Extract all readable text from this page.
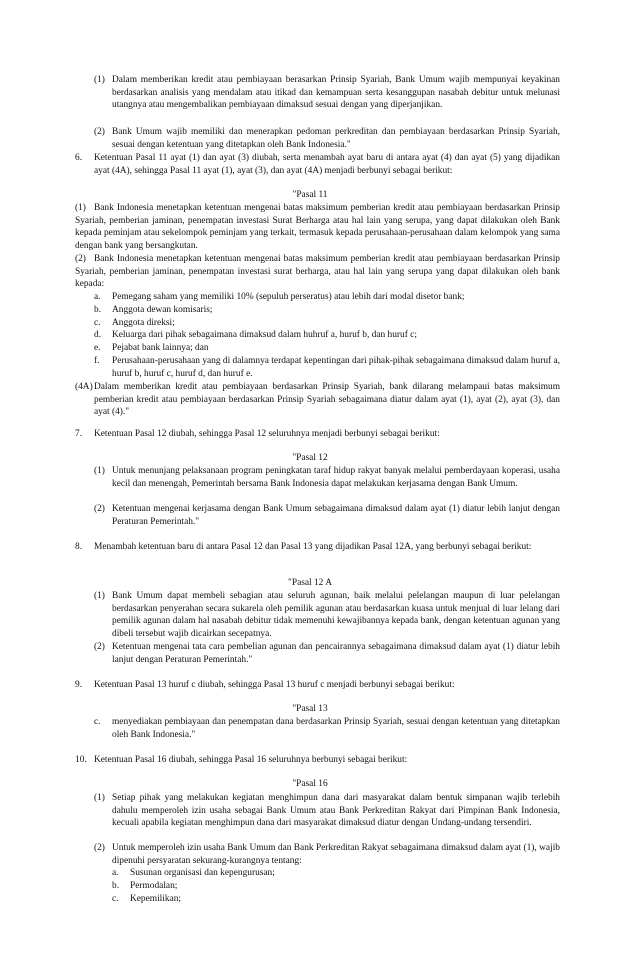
(1) Dalam memberikan kredit atau pembiayaan berasarkan Prinsip Syariah, Bank Umum wajib mempunyai keyakinan berdasarkan analisis yang mendalam atau itikad dan kemampuan serta kesanggupan nasabah debitur untuk melunasi utangnya atau mengembalikan pembiayaan dimaksud sesuai dengan yang diperjanjikan.
(2) Bank Umum wajib memiliki dan menerapkan pedoman perkreditan dan pembiayaan berdasarkan Prinsip Syariah, sesuai dengan ketentuan yang ditetapkan oleh Bank Indonesia."
6. Ketentuan Pasal 11 ayat (1) dan ayat (3) diubah, serta menambah ayat baru di antara ayat (4) dan ayat (5) yang dijadikan ayat (4A), sehingga Pasal 11 ayat (1), ayat (3), dan ayat (4A) menjadi berbunyi sebagai berikut:
"Pasal 11
(1) Bank Indonesia menetapkan ketentuan mengenai batas maksimum pemberian kredit atau pembiayaan berdasarkan Prinsip Syariah, pemberian jaminan, penempatan investasi Surat Berharga atau hal lain yang serupa, yang dapat dilakukan oleh Bank kepada peminjam atau sekelompok peminjam yang terkait, termasuk kepada perusahaan-perusahaan dalam kelompok yang sama dengan bank yang bersangkutan.
(2) Bank Indonesia menetapkan ketentuan mengenai batas maksimum pemberian kredit atau pembiayaan berdasarkan Prinsip Syariah, pemberian jaminan, penempatan investasi surat berharga, atau hal lain yang serupa yang dapat dilakukan oleh bank kepada:
a. Pemegang saham yang memiliki 10% (sepuluh perseratus) atau lebih dari modal disetor bank;
b. Anggota dewan komisaris;
c. Anggota direksi;
d. Keluarga dari pihak sebagaimana dimaksud dalam huhruf a, huruf b, dan huruf c;
e. Pejabat bank lainnya; dan
f. Perusahaan-perusahaan yang di dalamnya terdapat kepentingan dari pihak-pihak sebagaimana dimaksud dalam huruf a, huruf b, huruf c, huruf d, dan huruf e.
(4A) Dalam memberikan kredit atau pembiayaan berdasarkan Prinsip Syariah, bank dilarang melampaui batas maksimum pemberian kredit atau pembiayaan berdasarkan Prinsip Syariah sebagaimana diatur dalam ayat (1), ayat (2), ayat (3), dan ayat (4)."
7. Ketentuan Pasal 12 diubah, sehingga Pasal 12 seluruhnya menjadi berbunyi sebagai berikut:
"Pasal 12
(1) Untuk menunjang pelaksanaan program peningkatan taraf hidup rakyat banyak melalui pemberdayaan koperasi, usaha kecil dan menengah, Pemerintah bersama Bank Indonesia dapat melakukan kerjasama dengan Bank Umum.
(2) Ketentuan mengenai kerjasama dengan Bank Umum sebagaimana dimaksud dalam ayat (1) diatur lebih lanjut dengan Peraturan Pemerintah."
8. Menambah ketentuan baru di antara Pasal 12 dan Pasal 13 yang dijadikan Pasal 12A, yang berbunyi sebagai berikut:
"Pasal 12 A
(1) Bank Umum dapat membeli sebagian atau seluruh agunan, baik melalui pelelangan maupun di luar pelelangan berdasarkan penyerahan secara sukarela oleh pemilik agunan atau berdasarkan kuasa untuk menjual di luar lelang dari pemilik agunan dalam hal nasabah debitur tidak memenuhi kewajibannya kepada bank, dengan ketentuan agunan yang dibeli tersebut wajib dicairkan secepatnya.
(2) Ketentuan mengenai tata cara pembelian agunan dan pencairannya sebagaimana dimaksud dalam ayat (1) diatur lebih lanjut dengan Peraturan Pemerintah."
9. Ketentuan Pasal 13 huruf c diubah, sehingga Pasal 13 huruf c menjadi berbunyi sebagai berikut:
"Pasal 13
c. menyediakan pembiayaan dan penempatan dana berdasarkan Prinsip Syariah, sesuai dengan ketentuan yang ditetapkan oleh Bank Indonesia."
10. Ketentuan Pasal 16 diubah, sehingga Pasal 16 seluruhnya berbunyi sebagai berikut:
"Pasal 16
(1) Setiap pihak yang melakukan kegiatan menghimpun dana dari masyarakat dalam bentuk simpanan wajib terlebih dahulu memperoleh izin usaha sebagai Bank Umum atau Bank Perkreditan Rakyat dari Pimpinan Bank Indonesia, kecuali apabila kegiatan menghimpun dana dari masyarakat dimaksud diatur dengan Undang-undang tersendiri.
(2) Untuk memperoleh izin usaha Bank Umum dan Bank Perkreditan Rakyat sebagaimana dimaksud dalam ayat (1), wajib dipenuhi persyaratan sekurang-kurangnya tentang:
a. Susunan organisasi dan kepengurusan;
b. Permodalan;
c. Kepemilikan;
